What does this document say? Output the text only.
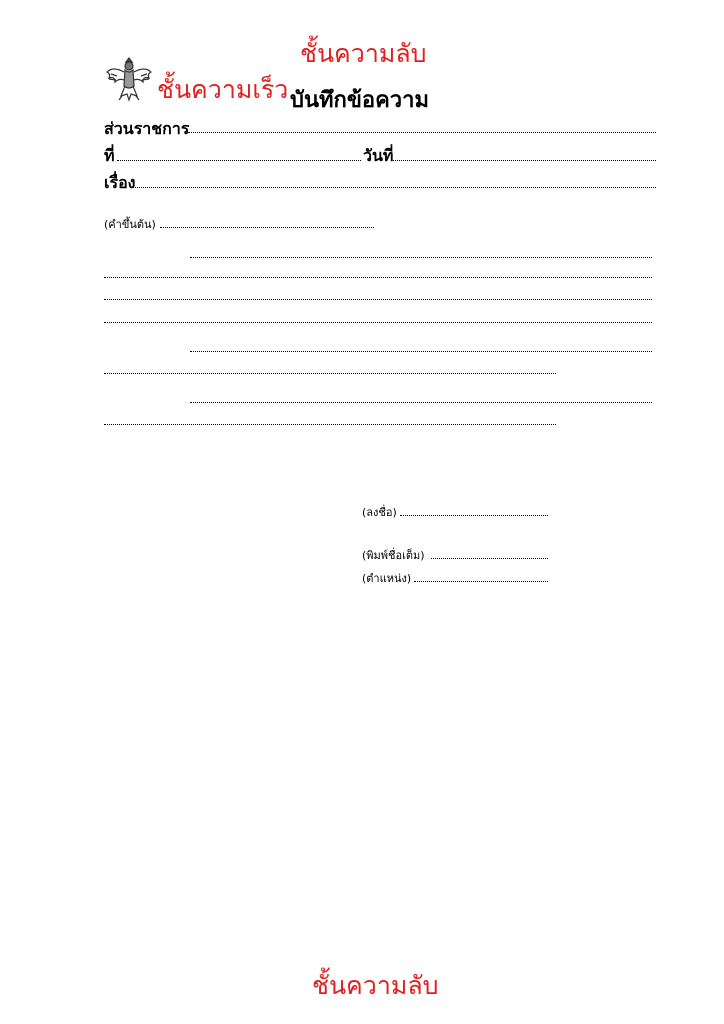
ชั้นความลับ
ชั้นความเร็ว บันทึกข้อความ
ส่วนราชการ
ที่	วันที่
เรื่อง
(คำขึ้นต้น)
(ลงชื่อ)
(พิมพ์ชื่อเต็ม)
(ตำแหน่ง)
ชั้นความลับ
